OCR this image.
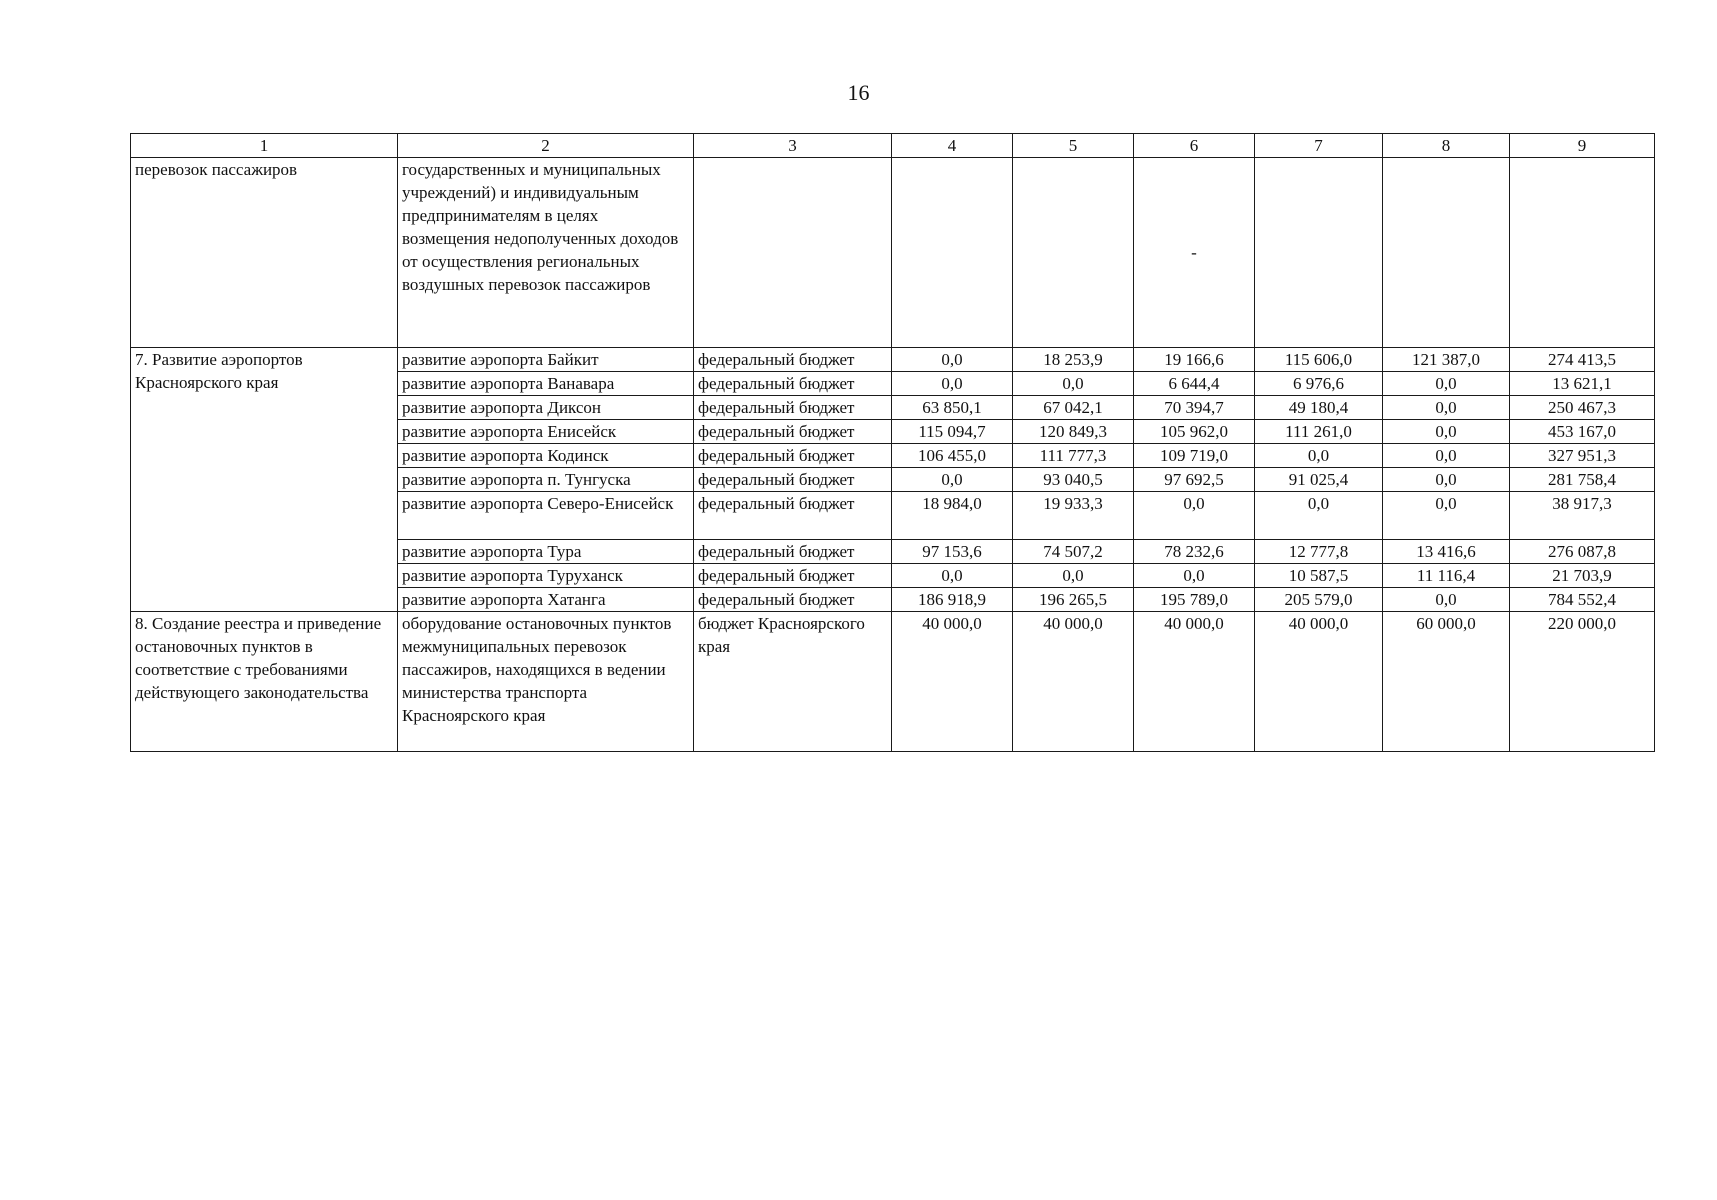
16
1	2	3	4	5	6	7	8	9
перевозок пассажиров	государственных и муниципальных учреждений) и индивидуальным предпринимателям в целях возмещения недополученных доходов от осуществления региональных воздушных перевозок пассажиров				-			
7. Развитие аэропортов Красноярского края	развитие аэропорта Байкит	федеральный бюджет	0,0	18 253,9	19 166,6	115 606,0	121 387,0	274 413,5
	развитие аэропорта Ванавара	федеральный бюджет	0,0	0,0	6 644,4	6 976,6	0,0	13 621,1
	развитие аэропорта Диксон	федеральный бюджет	63 850,1	67 042,1	70 394,7	49 180,4	0,0	250 467,3
	развитие аэропорта Енисейск	федеральный бюджет	115 094,7	120 849,3	105 962,0	111 261,0	0,0	453 167,0
	развитие аэропорта Кодинск	федеральный бюджет	106 455,0	111 777,3	109 719,0	0,0	0,0	327 951,3
	развитие аэропорта п. Тунгуска	федеральный бюджет	0,0	93 040,5	97 692,5	91 025,4	0,0	281 758,4
	развитие аэропорта Северо-Енисейск	федеральный бюджет	18 984,0	19 933,3	0,0	0,0	0,0	38 917,3
	развитие аэропорта Тура	федеральный бюджет	97 153,6	74 507,2	78 232,6	12 777,8	13 416,6	276 087,8
	развитие аэропорта Туруханск	федеральный бюджет	0,0	0,0	0,0	10 587,5	11 116,4	21 703,9
	развитие аэропорта Хатанга	федеральный бюджет	186 918,9	196 265,5	195 789,0	205 579,0	0,0	784 552,4
8. Создание реестра и приведение остановочных пунктов в соответствие с требованиями действующего законодательства	оборудование остановочных пунктов межмуниципальных перевозок пассажиров, находящихся в ведении министерства транспорта Красноярского края	бюджет Красноярского края	40 000,0	40 000,0	40 000,0	40 000,0	60 000,0	220 000,0
